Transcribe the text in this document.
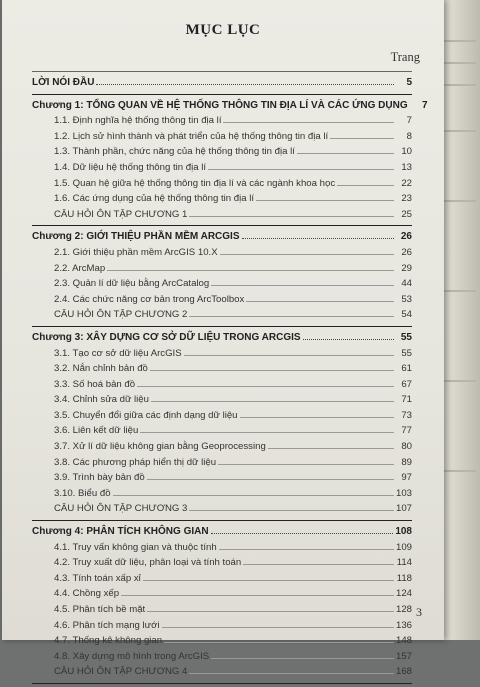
MỤC LỤC
Trang
LỜI NÓI ĐẦU	5
Chương 1: TỔNG QUAN VỀ HỆ THỐNG THÔNG TIN ĐỊA LÍ VÀ CÁC ỨNG DỤNG	7
1.1. Định nghĩa hệ thống thông tin địa lí	7
1.2. Lịch sử hình thành và phát triển của hệ thống thông tin địa lí	8
1.3. Thành phần, chức năng của hệ thống thông tin địa lí	10
1.4. Dữ liệu hệ thống thông tin địa lí	13
1.5. Quan hệ giữa hệ thống thông tin địa lí và các ngành khoa học	22
1.6. Các ứng dụng của hệ thống thông tin địa lí	23
CÂU HỎI ÔN TẬP CHƯƠNG 1	25
Chương 2: GIỚI THIỆU PHẦN MỀM ARCGIS	26
2.1. Giới thiệu phần mềm ArcGIS 10.X	26
2.2. ArcMap	29
2.3. Quản lí dữ liệu bằng ArcCatalog	44
2.4. Các chức năng cơ bản trong ArcToolbox	53
CÂU HỎI ÔN TẬP CHƯƠNG 2	54
Chương 3: XÂY DỰNG CƠ SỞ DỮ LIỆU TRONG ARCGIS	55
3.1. Tạo cơ sở dữ liệu ArcGIS	55
3.2. Nắn chỉnh bản đồ	61
3.3. Số hoá bản đồ	67
3.4. Chỉnh sửa dữ liệu	71
3.5. Chuyển đổi giữa các định dạng dữ liệu	73
3.6. Liên kết dữ liệu	77
3.7. Xử lí dữ liệu không gian bằng Geoprocessing	80
3.8. Các phương pháp hiển thị dữ liệu	89
3.9. Trình bày bản đồ	97
3.10. Biểu đồ	103
CÂU HỎI ÔN TẬP CHƯƠNG 3	107
Chương 4: PHÂN TÍCH KHÔNG GIAN	108
4.1. Truy vấn không gian và thuộc tính	109
4.2. Truy xuất dữ liệu, phân loại và tính toán	114
4.3. Tính toán xấp xỉ	118
4.4. Chồng xếp	124
4.5. Phân tích bề mặt	128
4.6. Phân tích mạng lưới	136
4.7. Thống kê không gian	148
4.8. Xây dựng mô hình trong ArcGIS	157
CÂU HỎI ÔN TẬP CHƯƠNG 4	168
3
